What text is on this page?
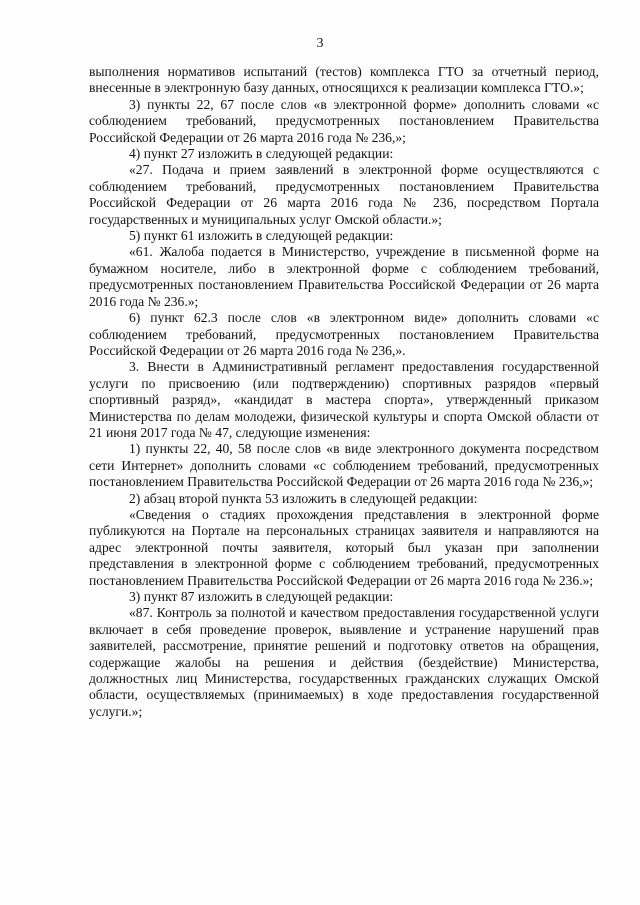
3

выполнения нормативов испытаний (тестов) комплекса ГТО за отчетный период, внесенные в электронную базу данных, относящихся к реализации комплекса ГТО.»;

3) пункты 22, 67 после слов «в электронной форме» дополнить словами «с соблюдением требований, предусмотренных постановлением Правительства Российской Федерации от 26 марта 2016 года № 236,»;

4) пункт 27 изложить в следующей редакции:

«27. Подача и прием заявлений в электронной форме осуществляются с соблюдением требований, предусмотренных постановлением Правительства Российской Федерации от 26 марта 2016 года № 236, посредством Портала государственных и муниципальных услуг Омской области.»;

5) пункт 61 изложить в следующей редакции:

«61. Жалоба подается в Министерство, учреждение в письменной форме на бумажном носителе, либо в электронной форме с соблюдением требований, предусмотренных постановлением Правительства Российской Федерации от 26 марта 2016 года № 236.»;

6) пункт 62.3 после слов «в электронном виде» дополнить словами «с соблюдением требований, предусмотренных постановлением Правительства Российской Федерации от 26 марта 2016 года № 236,».

3. Внести в Административный регламент предоставления государственной услуги по присвоению (или подтверждению) спортивных разрядов «первый спортивный разряд», «кандидат в мастера спорта», утвержденный приказом Министерства по делам молодежи, физической культуры и спорта Омской области от 21 июня 2017 года № 47, следующие изменения:

1) пункты 22, 40, 58 после слов «в виде электронного документа посредством сети Интернет» дополнить словами «с соблюдением требований, предусмотренных постановлением Правительства Российской Федерации от 26 марта 2016 года № 236,»;

2) абзац второй пункта 53 изложить в следующей редакции:

«Сведения о стадиях прохождения представления в электронной форме публикуются на Портале на персональных страницах заявителя и направляются на адрес электронной почты заявителя, который был указан при заполнении представления в электронной форме с соблюдением требований, предусмотренных постановлением Правительства Российской Федерации от 26 марта 2016 года № 236.»;

3) пункт 87 изложить в следующей редакции:

«87. Контроль за полнотой и качеством предоставления государственной услуги включает в себя проведение проверок, выявление и устранение нарушений прав заявителей, рассмотрение, принятие решений и подготовку ответов на обращения, содержащие жалобы на решения и действия (бездействие) Министерства, должностных лиц Министерства, государственных гражданских служащих Омской области, осуществляемых (принимаемых) в ходе предоставления государственной услуги.»;
